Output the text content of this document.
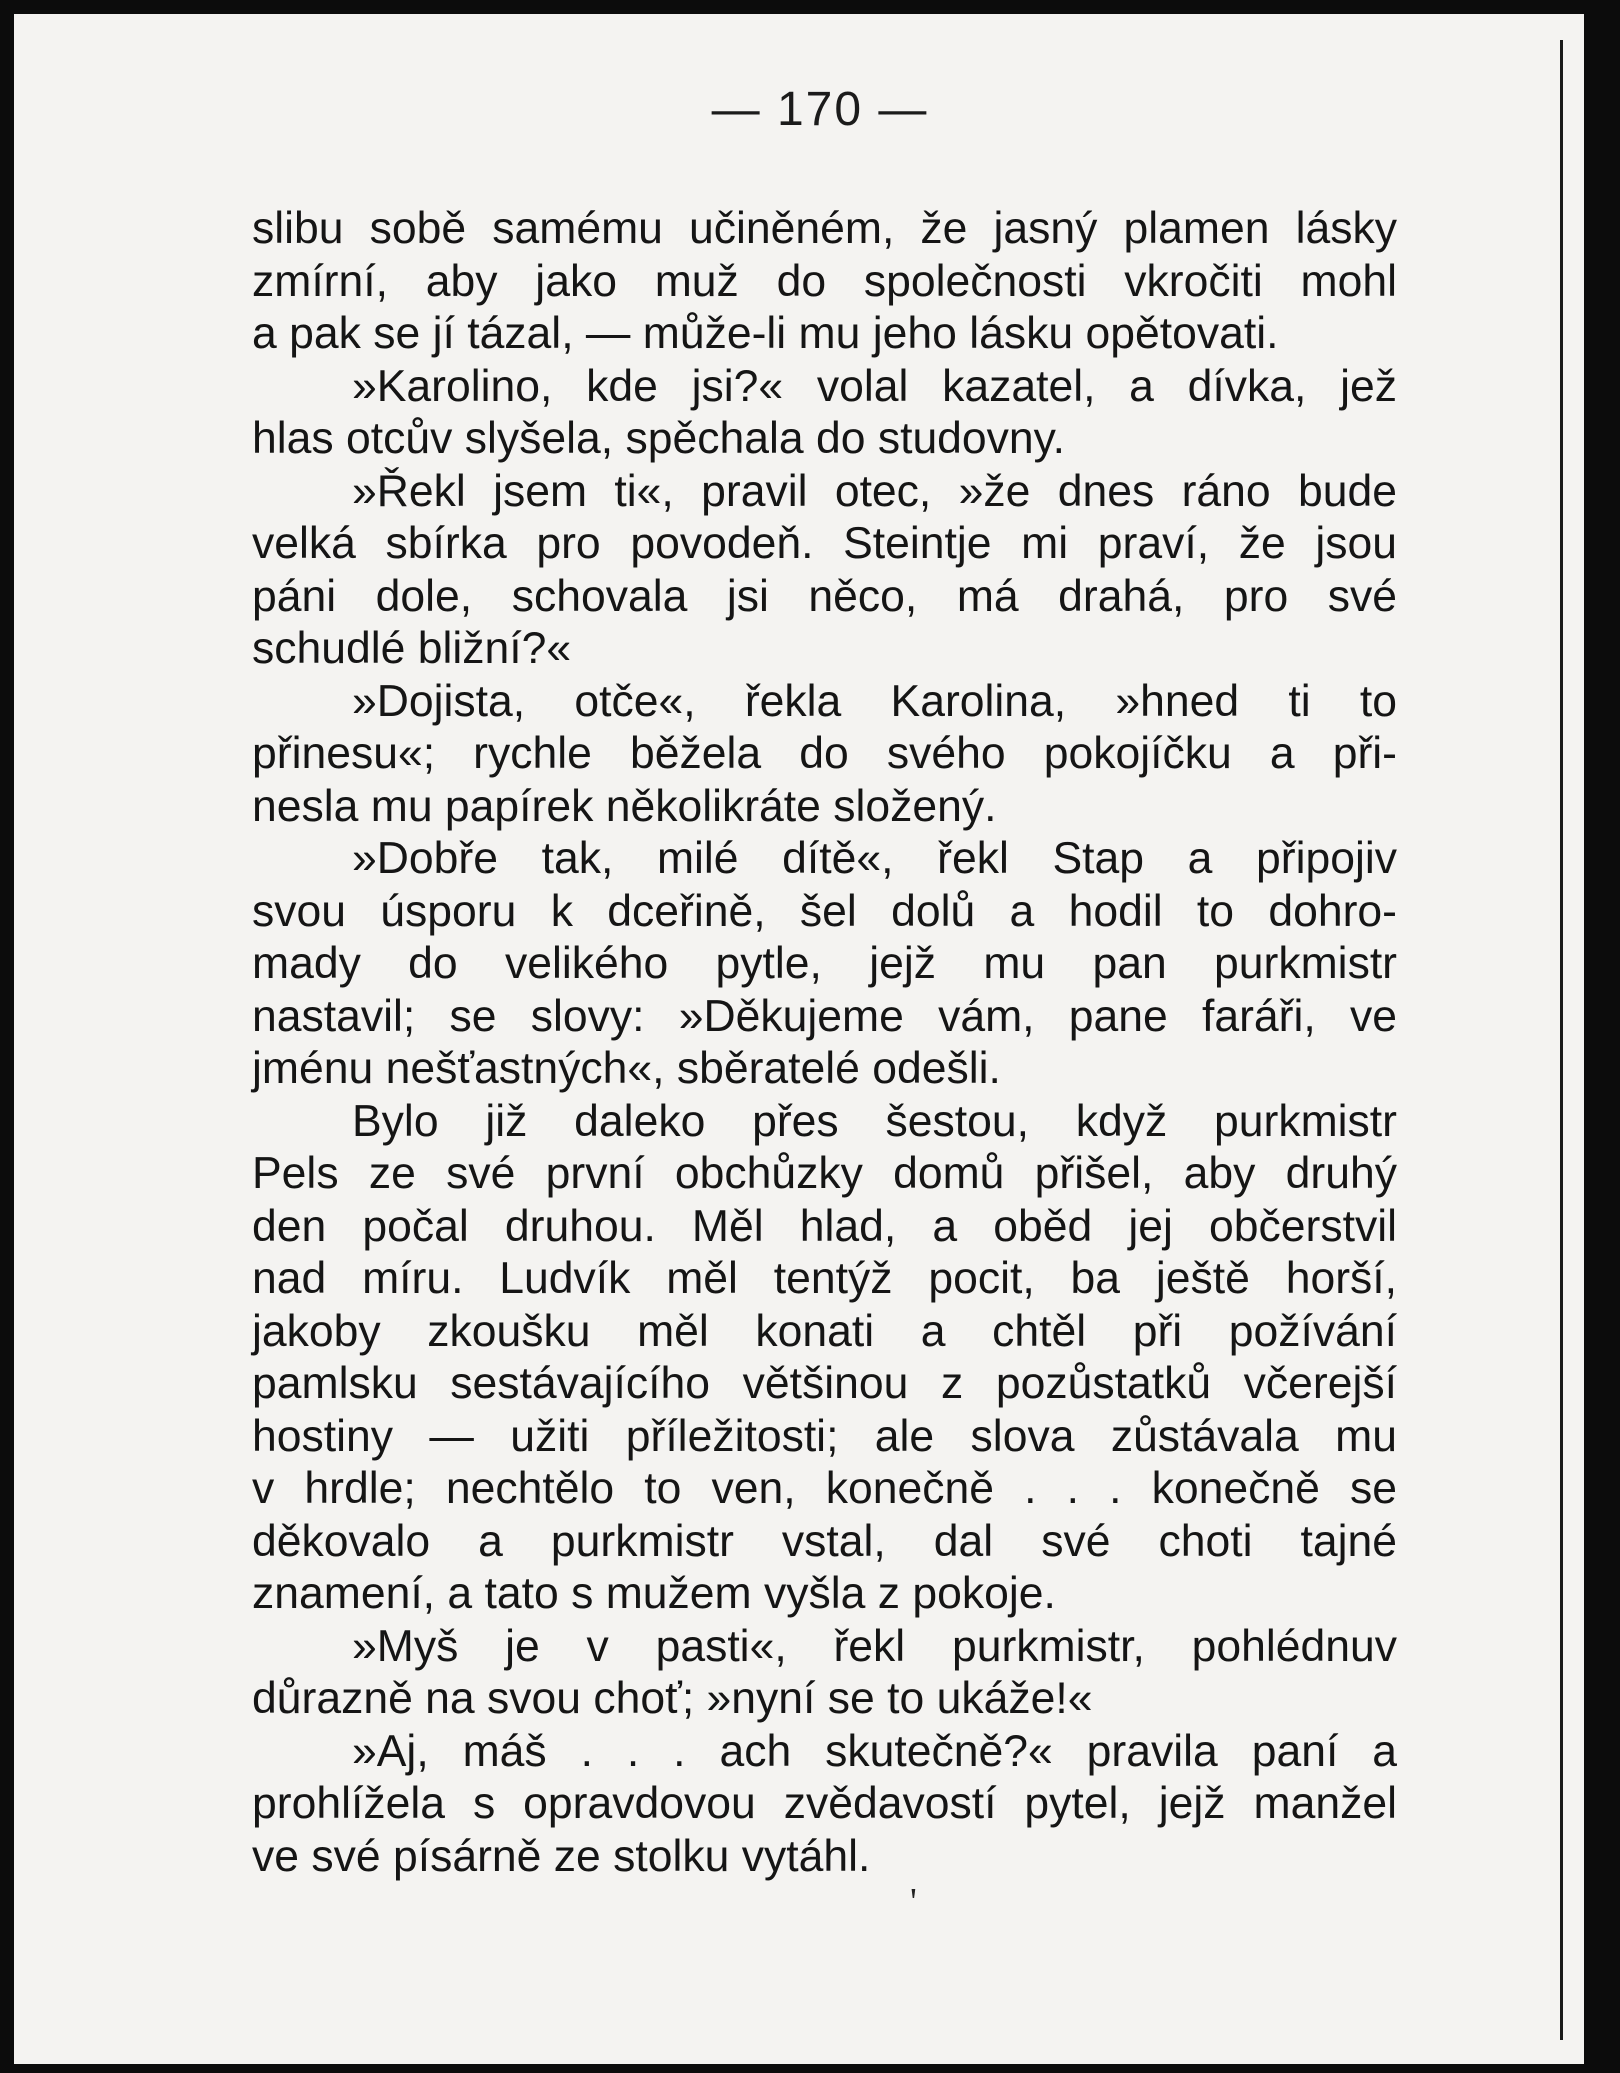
— 170 —
slibu sobě samému učiněném, že jasný plamen lásky
zmírní, aby jako muž do společnosti vkročiti mohl
a pak se jí tázal, — může-li mu jeho lásku opětovati.
»Karolino, kde jsi?« volal kazatel, a dívka, jež
hlas otcův slyšela, spěchala do studovny.
»Řekl jsem ti«, pravil otec, »že dnes ráno bude
velká sbírka pro povodeň. Steintje mi praví, že jsou
páni dole, schovala jsi něco, má drahá, pro své
schudlé bližní?«
»Dojista, otče«, řekla Karolina, »hned ti to
přinesu«; rychle běžela do svého pokojíčku a při-
nesla mu papírek několikráte složený.
»Dobře tak, milé dítě«, řekl Stap a připojiv
svou úsporu k dceřině, šel dolů a hodil to dohro-
mady do velikého pytle, jejž mu pan purkmistr
nastavil; se slovy: »Děkujeme vám, pane faráři, ve
jménu nešťastných«, sběratelé odešli.
Bylo již daleko přes šestou, když purkmistr
Pels ze své první obchůzky domů přišel, aby druhý
den počal druhou. Měl hlad, a oběd jej občerstvil
nad míru. Ludvík měl tentýž pocit, ba ještě horší,
jakoby zkoušku měl konati a chtěl při požívání
pamlsku sestávajícího většinou z pozůstatků včerejší
hostiny — užiti příležitosti; ale slova zůstávala mu
v hrdle; nechtělo to ven, konečně . . . konečně se
děkovalo a purkmistr vstal, dal své choti tajné
znamení, a tato s mužem vyšla z pokoje.
»Myš je v pasti«, řekl purkmistr, pohlédnuv
důrazně na svou choť; »nyní se to ukáže!«
»Aj, máš . . . ach skutečně?« pravila paní a
prohlížela s opravdovou zvědavostí pytel, jejž manžel
ve své písárně ze stolku vytáhl.
'
